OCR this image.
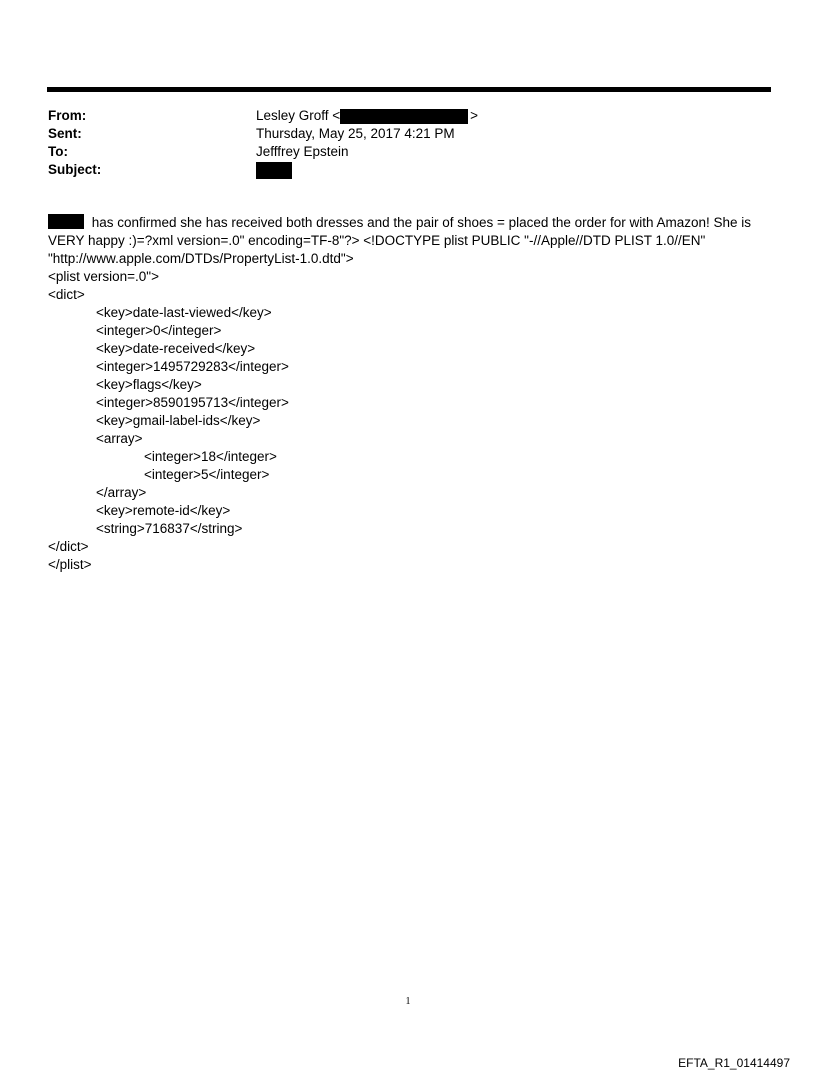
From:	Lesley Groff <	>
Sent:	Thursday, May 25, 2017 4:21 PM
To:	Jefffrey Epstein
Subject:

has confirmed she has received both dresses and the pair of shoes = placed the order for with Amazon! She is

VERY happy :)=?xml version=.0" encoding=TF-8"?> <!DOCTYPE plist PUBLIC "-//Apple//DTD PLIST 1.0//EN"

"http://www.apple.com/DTDs/PropertyList-1.0.dtd">

<plist version=.0">
<dict>
<key>date-last-viewed</key>
<integer>0</integer>
<key>date-received</key>
<integer>1495729283</integer>
<key>flags</key>
<integer>8590195713</integer>
<key>gmail-label-ids</key>
<array>
<integer>18</integer>
<integer>5</integer>
</array>
<key>remote-id</key>
<string>716837</string>
</dict>
</plist>
1
EFTA_R1_01414497
